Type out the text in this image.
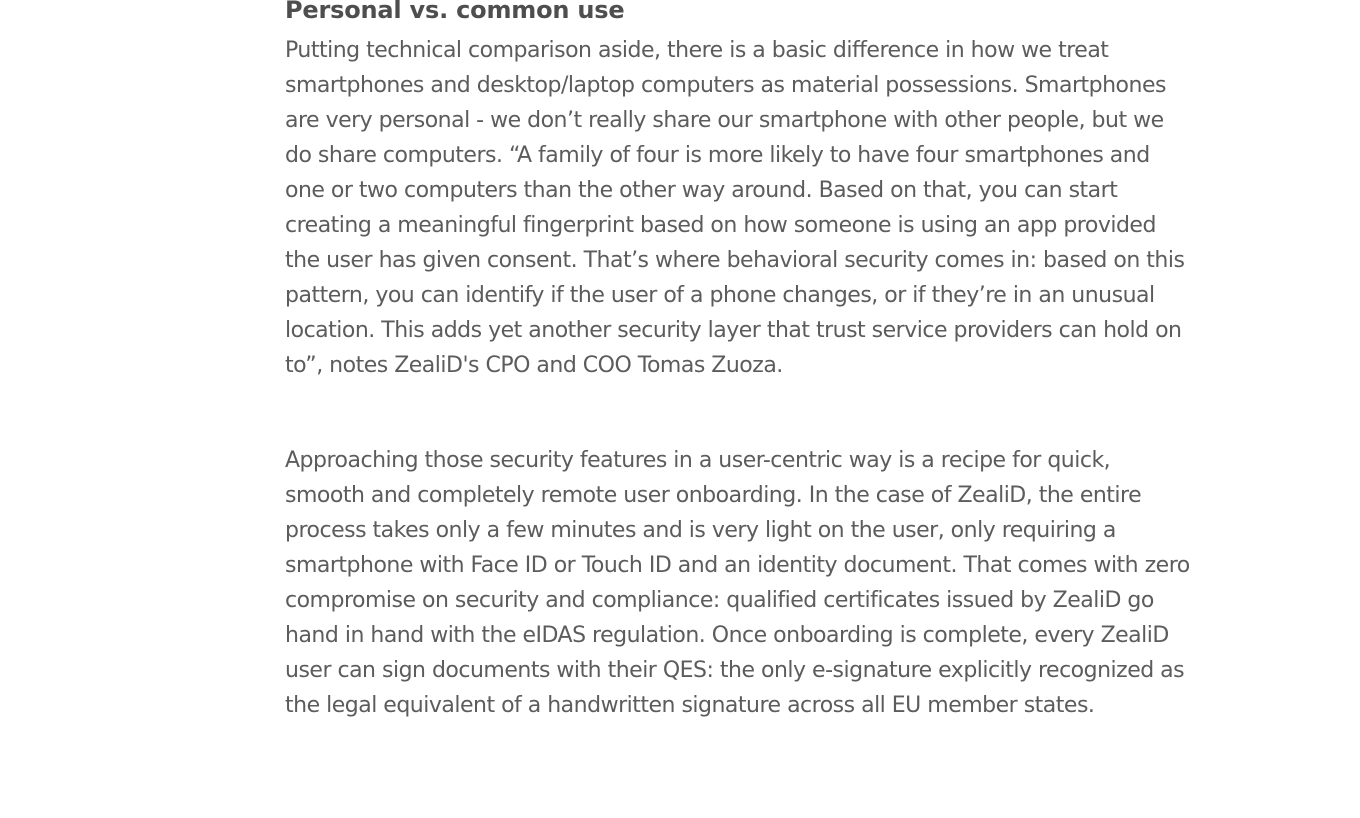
Personal vs. common use

Putting technical comparison aside, there is a basic difference in how we treat smartphones and desktop/laptop computers as material possessions. Smartphones are very personal - we don’t really share our smartphone with other people, but we do share computers. “A family of four is more likely to have four smartphones and one or two computers than the other way around. Based on that, you can start creating a meaningful fingerprint based on how someone is using an app provided the user has given consent. That’s where behavioral security comes in: based on this pattern, you can identify if the user of a phone changes, or if they’re in an unusual location. This adds yet another security layer that trust service providers can hold on to”, notes ZealiD's CPO and COO Tomas Zuoza.

Approaching those security features in a user-centric way is a recipe for quick, smooth and completely remote user onboarding. In the case of ZealiD, the entire process takes only a few minutes and is very light on the user, only requiring a smartphone with Face ID or Touch ID and an identity document. That comes with zero compromise on security and compliance: qualified certificates issued by ZealiD go hand in hand with the eIDAS regulation. Once onboarding is complete, every ZealiD user can sign documents with their QES: the only e-signature explicitly recognized as the legal equivalent of a handwritten signature across all EU member states.
